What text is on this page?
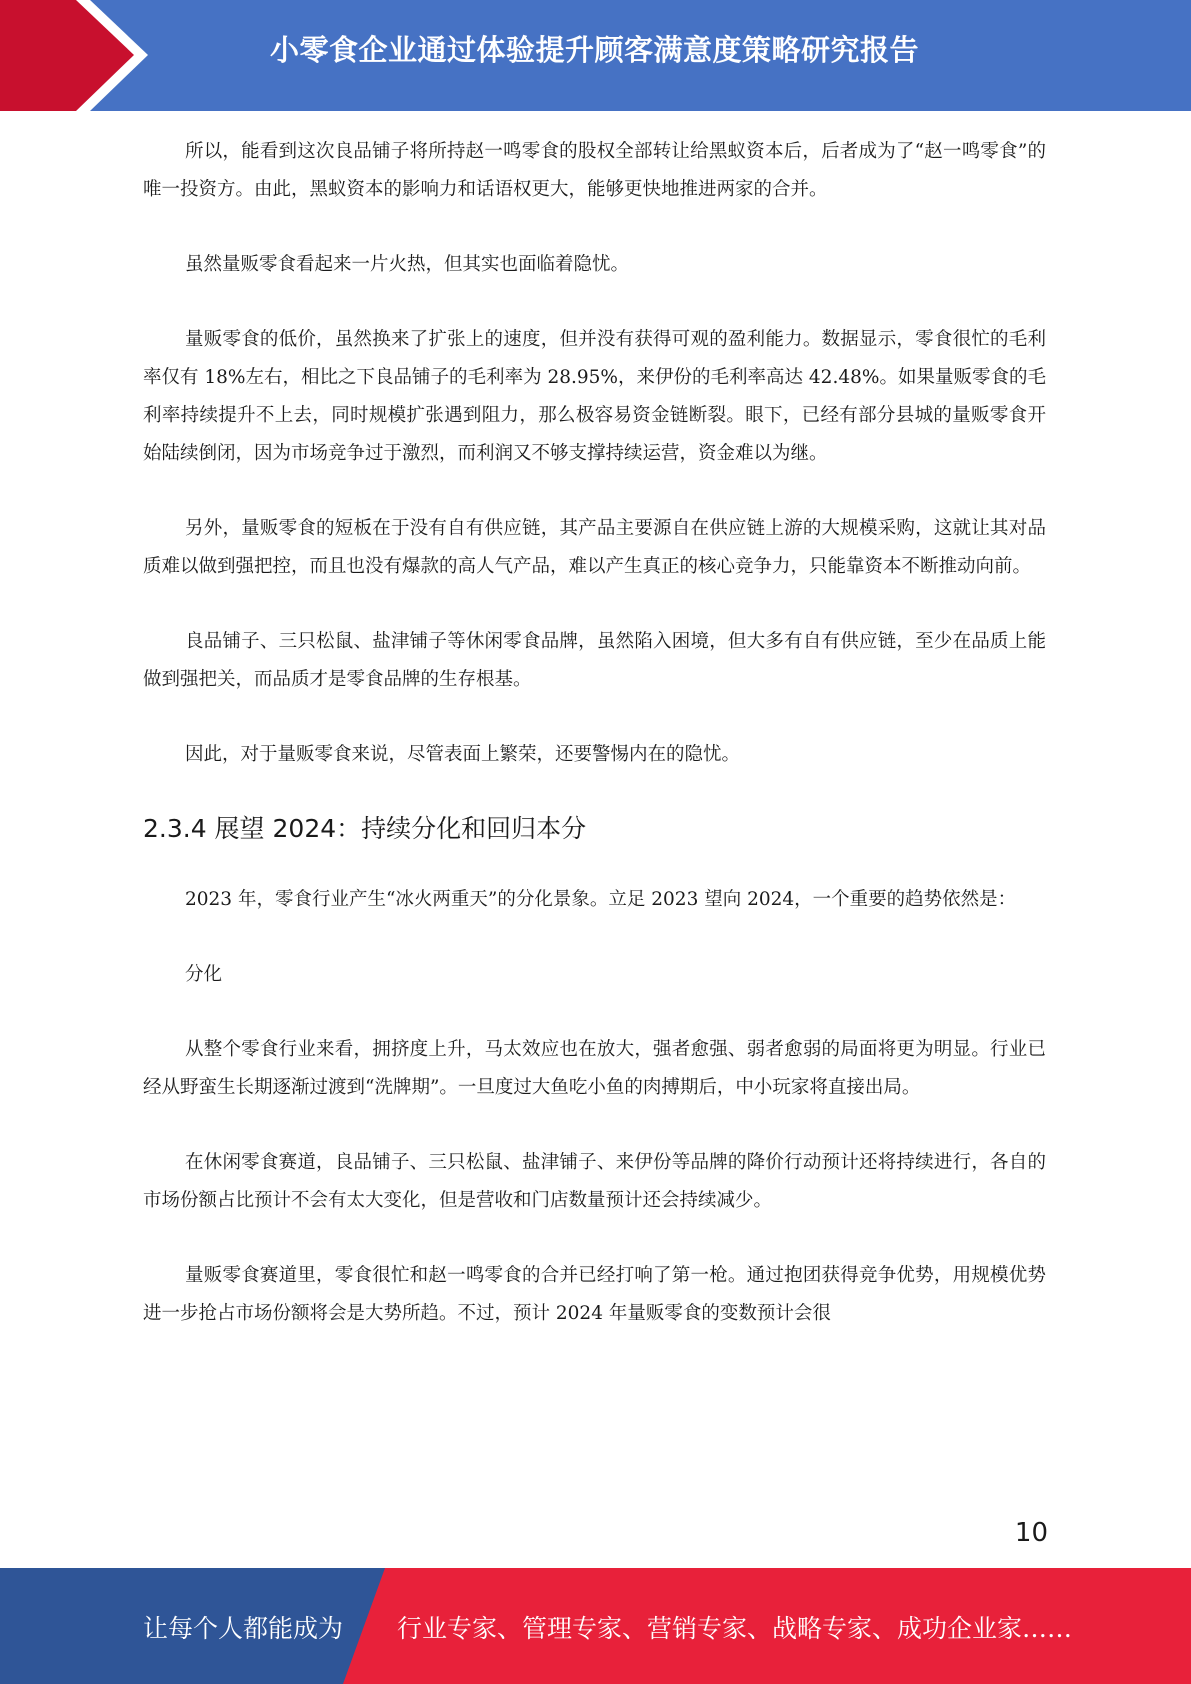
小零食企业通过体验提升顾客满意度策略研究报告

所以，能看到这次良品铺子将所持赵一鸣零食的股权全部转让给黑蚁资本后，后者成为了“赵一鸣零食”的唯一投资方。由此，黑蚁资本的影响力和话语权更大，能够更快地推进两家的合并。

虽然量贩零食看起来一片火热，但其实也面临着隐忧。

量贩零食的低价，虽然换来了扩张上的速度，但并没有获得可观的盈利能力。数据显示，零食很忙的毛利率仅有 18%左右，相比之下良品铺子的毛利率为 28.95%，来伊份的毛利率高达 42.48%。如果量贩零食的毛利率持续提升不上去，同时规模扩张遇到阻力，那么极容易资金链断裂。眼下，已经有部分县城的量贩零食开始陆续倒闭，因为市场竞争过于激烈，而利润又不够支撑持续运营，资金难以为继。

另外，量贩零食的短板在于没有自有供应链，其产品主要源自在供应链上游的大规模采购，这就让其对品质难以做到强把控，而且也没有爆款的高人气产品，难以产生真正的核心竞争力，只能靠资本不断推动向前。

良品铺子、三只松鼠、盐津铺子等休闲零食品牌，虽然陷入困境，但大多有自有供应链，至少在品质上能做到强把关，而品质才是零食品牌的生存根基。

因此，对于量贩零食来说，尽管表面上繁荣，还要警惕内在的隐忧。

2.3.4 展望 2024：持续分化和回归本分

2023 年，零食行业产生“冰火两重天”的分化景象。立足 2023 望向 2024，一个重要的趋势依然是：

分化

从整个零食行业来看，拥挤度上升，马太效应也在放大，强者愈强、弱者愈弱的局面将更为明显。行业已经从野蛮生长期逐渐过渡到“洗牌期”。一旦度过大鱼吃小鱼的肉搏期后，中小玩家将直接出局。

在休闲零食赛道，良品铺子、三只松鼠、盐津铺子、来伊份等品牌的降价行动预计还将持续进行，各自的市场份额占比预计不会有太大变化，但是营收和门店数量预计还会持续减少。

量贩零食赛道里，零食很忙和赵一鸣零食的合并已经打响了第一枪。通过抱团获得竞争优势，用规模优势进一步抢占市场份额将会是大势所趋。不过，预计 2024 年量贩零食的变数预计会很

10
让每个人都能成为 行业专家、管理专家、营销专家、战略专家、成功企业家……
